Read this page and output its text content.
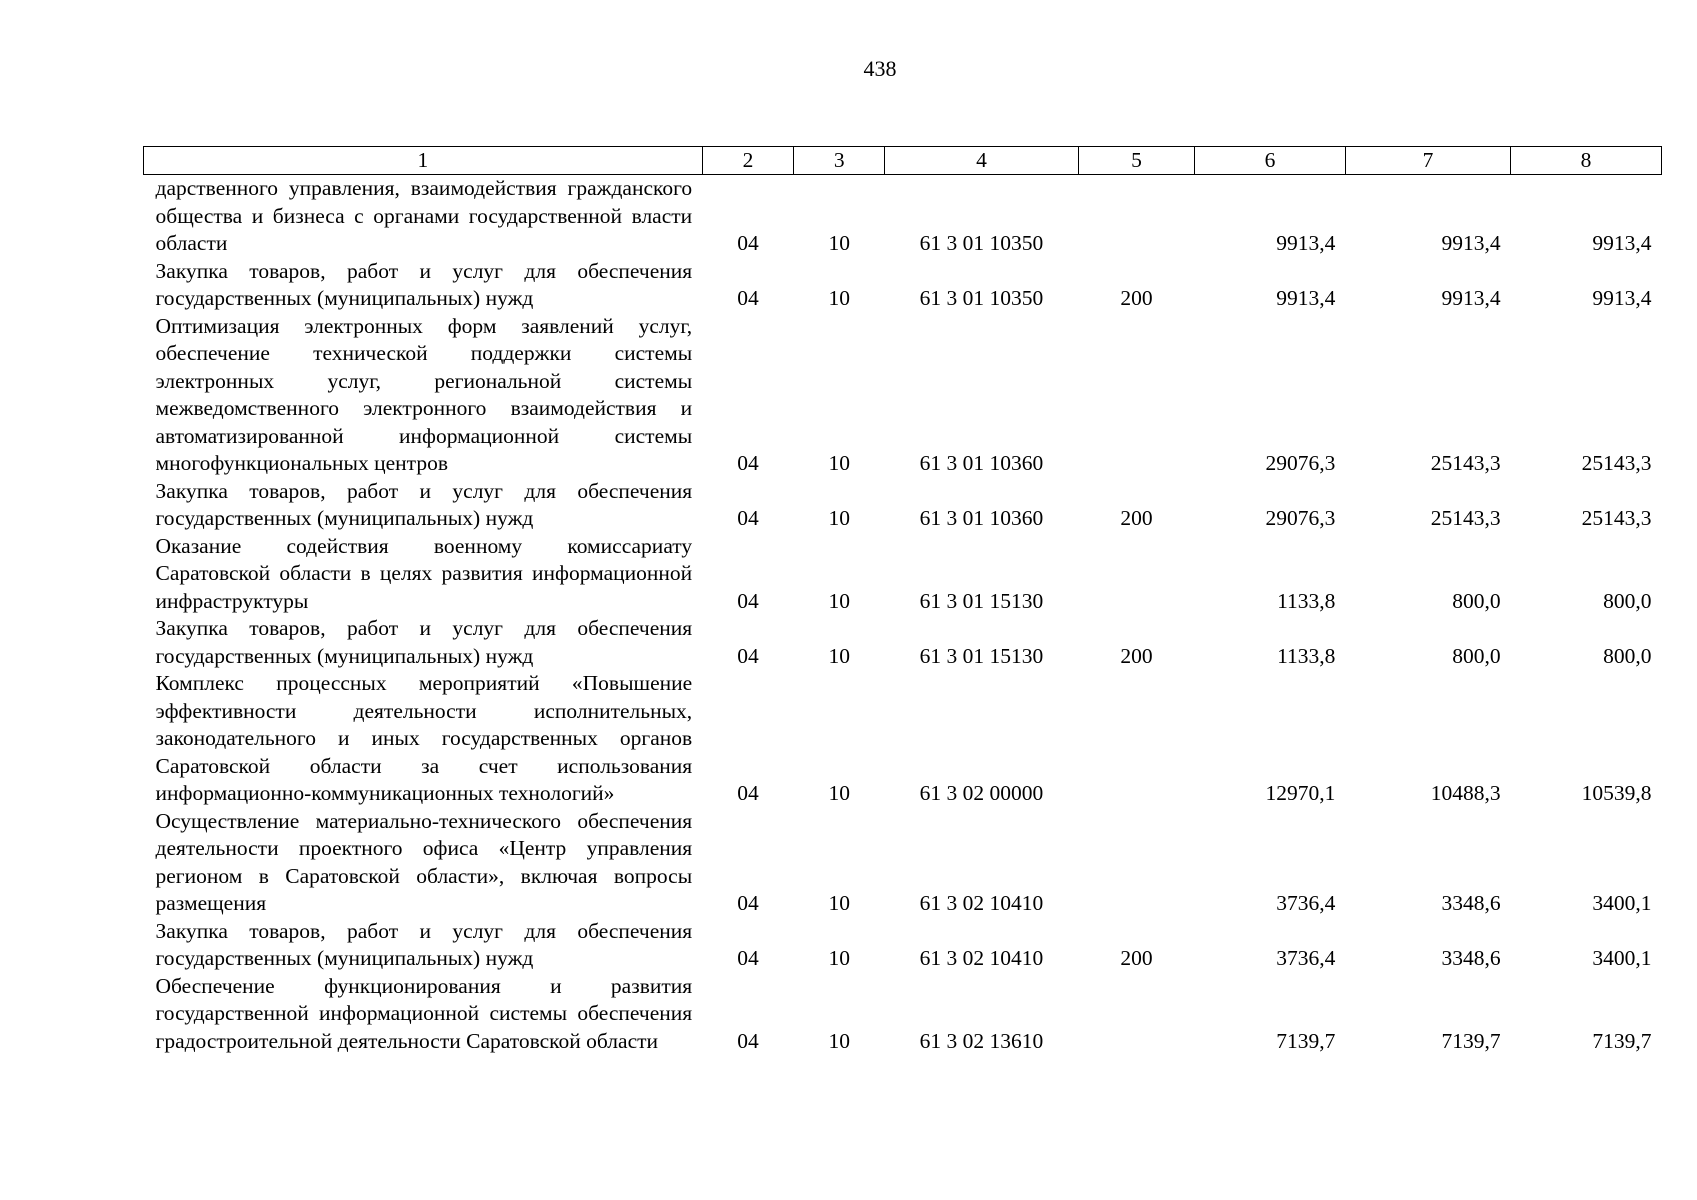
438
1	2	3	4	5	6	7	8
дарственного управления, взаимодействия гражданского общества и бизнеса с органами государственной власти области	04	10	61 3 01 10350		9913,4	9913,4	9913,4
Закупка товаров, работ и услуг для обеспечения государственных (муниципальных) нужд	04	10	61 3 01 10350	200	9913,4	9913,4	9913,4
Оптимизация электронных форм заявлений услуг, обеспечение технической поддержки системы электронных услуг, региональной системы межведомственного электронного взаимодействия и автоматизированной информационной системы многофункциональных центров	04	10	61 3 01 10360		29076,3	25143,3	25143,3
Закупка товаров, работ и услуг для обеспечения государственных (муниципальных) нужд	04	10	61 3 01 10360	200	29076,3	25143,3	25143,3
Оказание содействия военному комиссариату Саратовской области в целях развития информационной инфраструктуры	04	10	61 3 01 15130		1133,8	800,0	800,0
Закупка товаров, работ и услуг для обеспечения государственных (муниципальных) нужд	04	10	61 3 01 15130	200	1133,8	800,0	800,0
Комплекс процессных мероприятий «Повышение эффективности деятельности исполнительных, законодательного и иных государственных органов Саратовской области за счет использования информационно-коммуникационных технологий»	04	10	61 3 02 00000		12970,1	10488,3	10539,8
Осуществление материально-технического обеспечения деятельности проектного офиса «Центр управления регионом в Саратовской области», включая вопросы размещения	04	10	61 3 02 10410		3736,4	3348,6	3400,1
Закупка товаров, работ и услуг для обеспечения государственных (муниципальных) нужд	04	10	61 3 02 10410	200	3736,4	3348,6	3400,1
Обеспечение функционирования и развития государственной информационной системы обеспечения градостроительной деятельности Саратовской области	04	10	61 3 02 13610		7139,7	7139,7	7139,7
